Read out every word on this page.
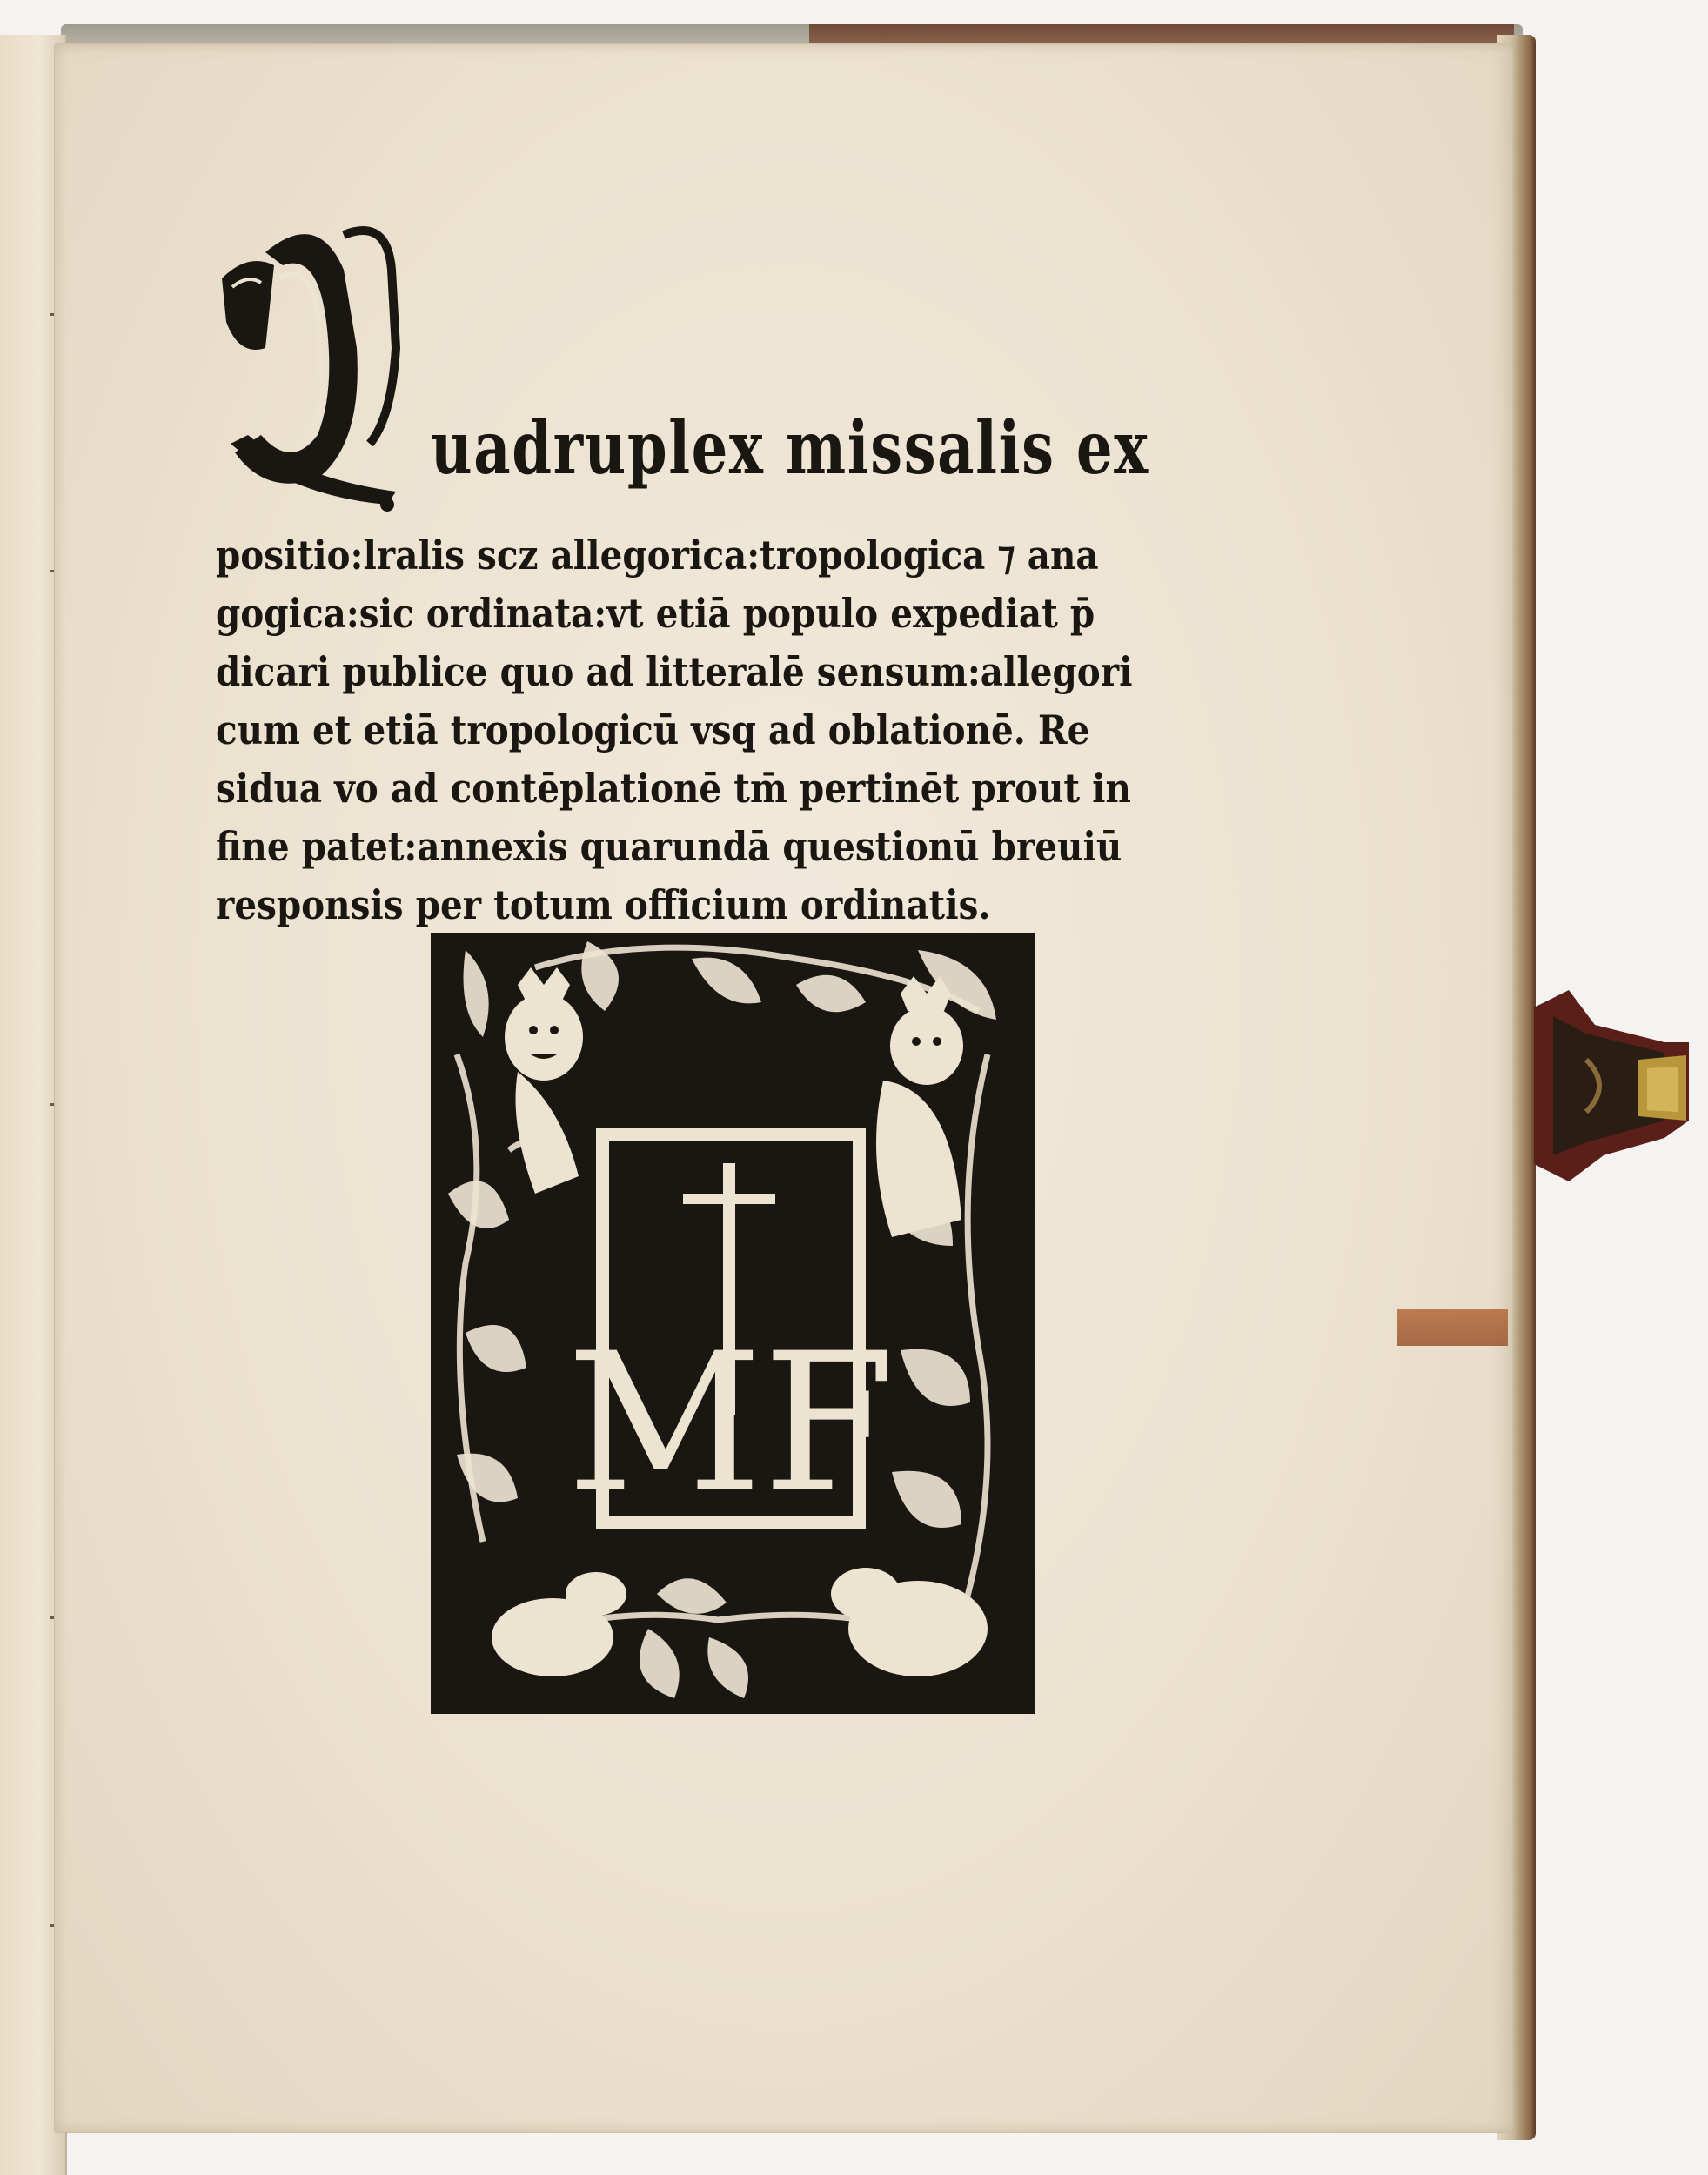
uadruplex missalis ex
positio:lralis scz allegorica:tropologica ⁊ ana
gogica:sic ordinata:vt etiā populo expediat p̄
dicari publice quo ad litteralē sensum:allegori
cum et etiā tropologicū vsq̧ ad oblationē. Re
sidua vo ad contēplationē tm̄ pertinēt prout in
fine patet:annexis quarundā questionū breuiū
responsis per totum officium ordinatis.
MF
